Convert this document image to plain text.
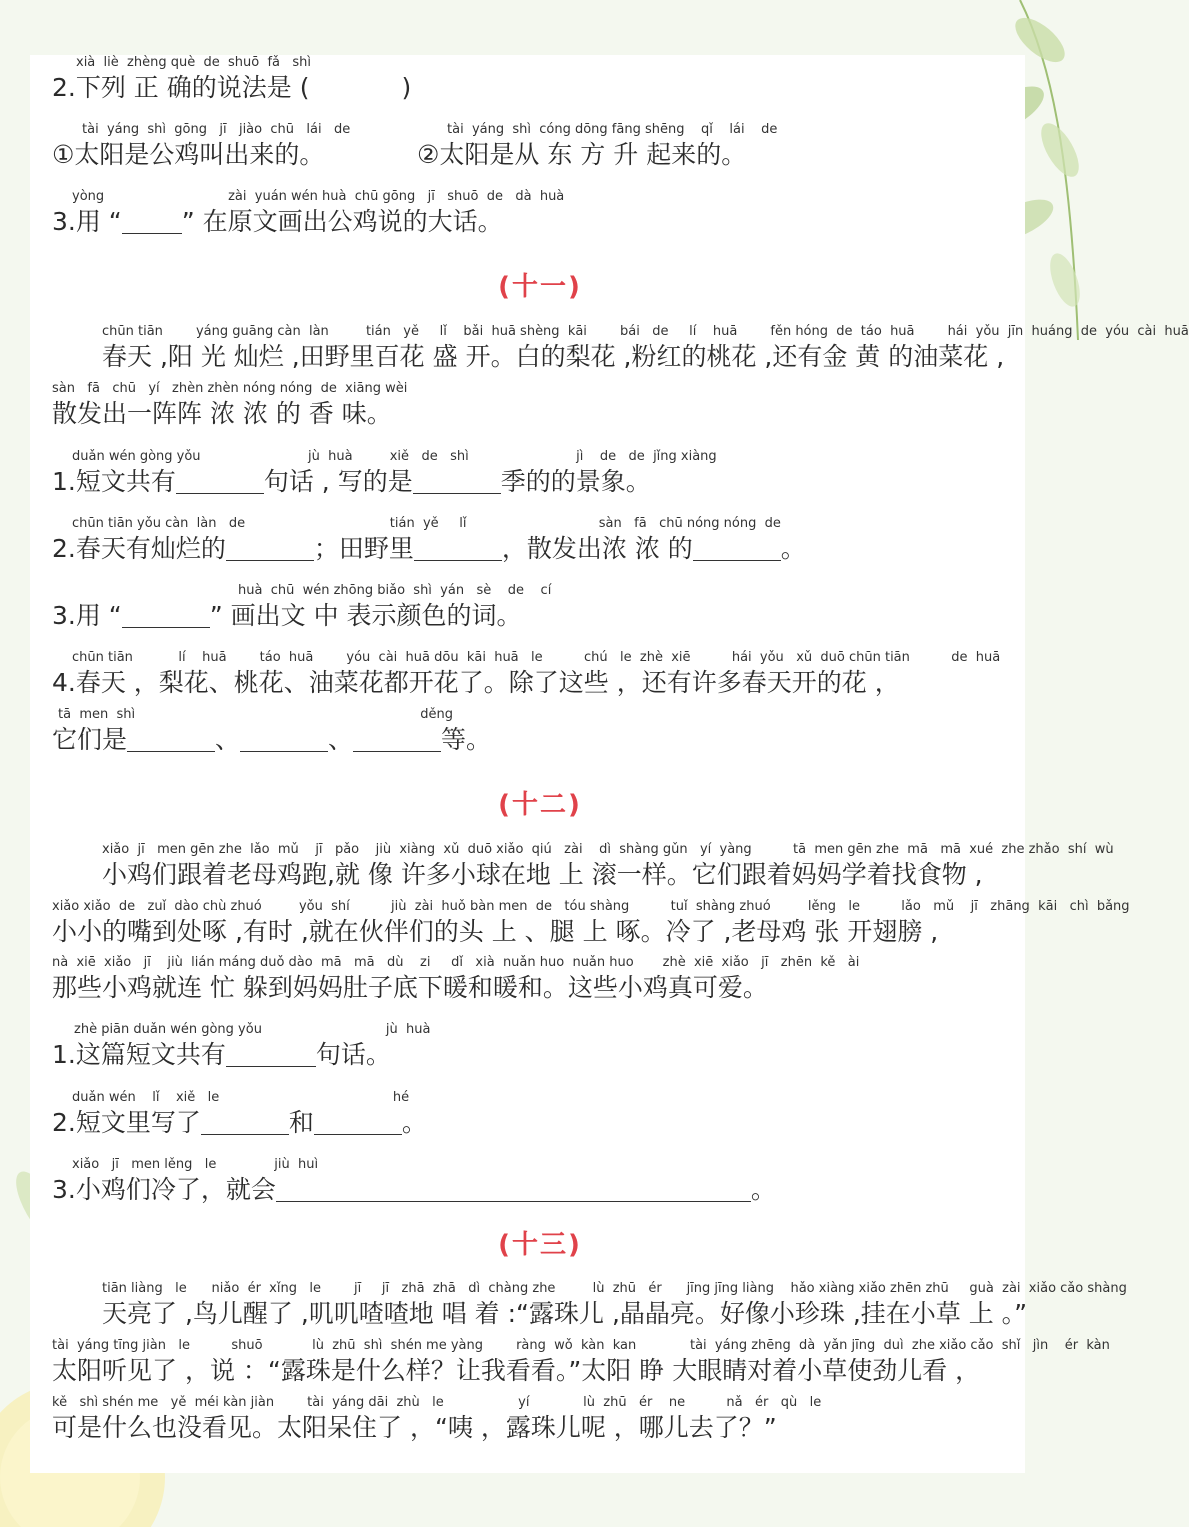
xià  liè  zhèng què  de  shuō  fǎ   shì
2.下列 正 确的说法是 (	)
tài  yáng  shì  gōng   jī   jiào  chū   lái   de
①太阳是公鸡叫出来的。
tài  yáng  shì  cóng dōng fāng shēng    qǐ    lái    de
②太阳是从 东 方 升 起来的。
yòng                              zài  yuán wén huà  chū gōng   jī   shuō  de   dà  huà
3.用 “ ” 在原文画出公鸡说的大话。
(十一)
chūn tiān        yáng guāng càn  làn         tián   yě     lǐ    bǎi  huā shèng  kāi        bái   de     lí    huā        fěn hóng  de  táo  huā        hái  yǒu  jīn  huáng  de  yóu  cài  huā
春天 ,阳 光 灿烂 ,田野里百花 盛 开。白的梨花 ,粉红的桃花 ,还有金 黄 的油菜花 ,
sàn   fā   chū   yí   zhèn zhèn nóng nóng  de  xiāng wèi
散发出一阵阵 浓 浓 的 香 味。
duǎn wén gòng yǒu                          jù  huà         xiě   de   shì                          jì    de   de  jǐng xiàng
1.短文共有	句话 , 写的是	季的的景象。
chūn tiān yǒu càn  làn   de                                   tián  yě     lǐ                                sàn   fā   chū nóng nóng  de
2.春天有灿烂的	；田野里	，散发出浓 浓 的	。
huà  chū  wén zhōng biǎo  shì  yán   sè    de    cí
3.用 “	” 画出文 中 表示颜色的词。
chūn tiān           lí    huā        táo  huā        yóu  cài  huā dōu  kāi  huā   le          chú   le  zhè  xiē          hái  yǒu   xǔ  duō chūn tiān          de  huā
4.春天 ，梨花、桃花、油菜花都开花了。除了这些 ，还有许多春天开的花 ，
tā  men  shì                                                                     děng
它们是	、	、	等。
(十二)
xiǎo  jī   men gēn zhe  lǎo  mǔ    jī   pǎo    jiù  xiàng  xǔ  duō xiǎo  qiú   zài    dì  shàng gǔn   yí  yàng          tā  men gēn zhe  mā   mā  xué  zhe zhǎo  shí  wù
小鸡们跟着老母鸡跑,就 像 许多小球在地 上 滚一样。它们跟着妈妈学着找食物 ,
xiǎo xiǎo  de   zuǐ  dào chù zhuó         yǒu  shí          jiù  zài  huǒ bàn men  de   tóu shàng          tuǐ  shàng zhuó         lěng   le          lǎo   mǔ    jī   zhāng  kāi   chì  bǎng
小小的嘴到处啄 ,有时 ,就在伙伴们的头 上 、腿 上 啄。冷了 ,老母鸡 张 开翅膀 ,
nà  xiē  xiǎo   jī    jiù  lián máng duǒ dào  mā   mā   dù    zi     dǐ   xià  nuǎn huo  nuǎn huo       zhè  xiē  xiǎo   jī   zhēn  kě   ài
那些小鸡就连 忙 躲到妈妈肚子底下暖和暖和。这些小鸡真可爱。
zhè piān duǎn wén gòng yǒu                              jù  huà
1.这篇短文共有	句话。
duǎn wén    lǐ    xiě   le                                          hé
2.短文里写了	和	。
xiǎo   jī   men lěng   le              jiù  huì
3.小鸡们冷了，就会	。
(十三)
tiān liàng   le      niǎo  ér  xǐng   le        jī     jī   zhā  zhā   dì  chàng zhe         lù  zhū   ér      jīng jīng liàng    hǎo xiàng xiǎo zhēn zhū     guà  zài  xiǎo cǎo shàng
天亮了 ,鸟儿醒了 ,叽叽喳喳地 唱 着 :“露珠儿 ,晶晶亮。好像小珍珠 ,挂在小草 上 。”
tài  yáng tīng jiàn   le          shuō            lù  zhū  shì  shén me yàng        ràng  wǒ  kàn  kan             tài  yáng zhēng  dà  yǎn jīng  duì  zhe xiǎo cǎo  shǐ   jìn    ér  kàn
太阳听见了 ，说 ：“露珠是什么样？让我看看。”太阳 睁 大眼睛对着小草使劲儿看 ，
kě   shì shén me   yě  méi kàn jiàn        tài  yáng dāi  zhù   le                  yí             lù  zhū   ér    ne          nǎ   ér   qù   le
可是什么也没看见。太阳呆住了 ，“咦 ，露珠儿呢 ，哪儿去了？”
